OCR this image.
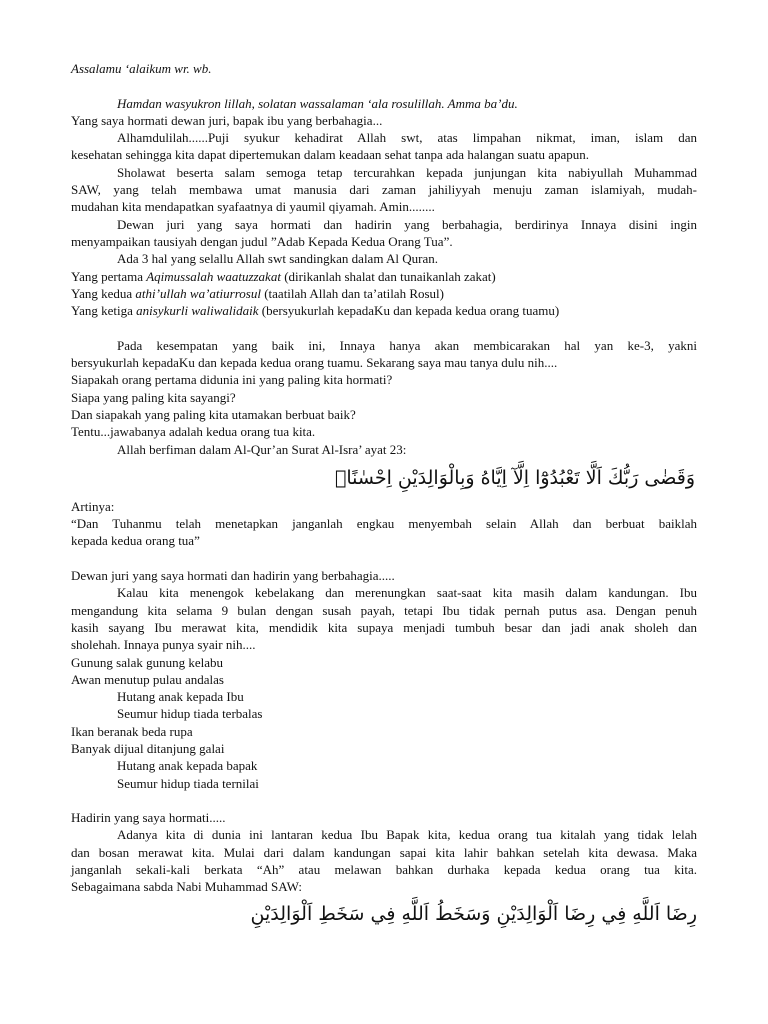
Assalamu ‘alaikum wr. wb.

Hamdan wasyukron lillah, solatan wassalaman ‘ala rosulillah. Amma ba’du.

Yang saya hormati dewan juri, bapak ibu yang berbahagia...

Alhamdulilah......Puji syukur kehadirat Allah swt, atas limpahan nikmat, iman, islam dan

kesehatan sehingga kita dapat dipertemukan dalam keadaan sehat tanpa ada halangan suatu apapun.

Sholawat beserta salam semoga tetap tercurahkan kepada junjungan kita nabiyullah Muhammad

SAW, yang telah membawa umat manusia dari zaman jahiliyyah menuju zaman islamiyah, mudah-

mudahan kita mendapatkan syafaatnya di yaumil qiyamah. Amin........

Dewan juri yang saya hormati dan hadirin yang berbahagia, berdirinya Innaya disini ingin

menyampaikan tausiyah dengan judul ”Adab Kepada Kedua Orang Tua”.

Ada 3 hal yang selallu Allah swt sandingkan dalam Al Quran.

Yang pertama Aqimussalah waatuzzakat (dirikanlah shalat dan tunaikanlah zakat)

Yang kedua athi’ullah wa’atiurrosul (taatilah Allah dan ta’atilah Rosul)

Yang ketiga anisykurli waliwalidaik (bersyukurlah kepadaKu dan kepada kedua orang tuamu)

Pada kesempatan yang baik ini, Innaya hanya akan membicarakan hal yan ke-3, yakni

bersyukurlah kepadaKu dan kepada kedua orang tuamu. Sekarang saya mau tanya dulu nih....

Siapakah orang pertama didunia ini yang paling kita hormati?

Siapa yang paling kita sayangi?

Dan siapakah yang paling kita utamakan berbuat baik?

Tentu...jawabanya adalah kedua orang tua kita.

Allah berfiman dalam Al-Qur’an Surat Al-Isra’ ayat 23:

وَقَضٰى رَبُّكَ اَلَّا تَعْبُدُوْٓا اِلَّآ اِيَّاهُ وَبِالْوَالِدَيْنِ اِحْسٰنًاۗ

Artinya:

“Dan Tuhanmu telah menetapkan janganlah engkau menyembah selain Allah dan berbuat baiklah

kepada kedua orang tua”

Dewan juri yang saya hormati dan hadirin yang berbahagia.....

Kalau kita menengok kebelakang dan merenungkan saat-saat kita masih dalam kandungan. Ibu

mengandung kita selama 9 bulan dengan susah payah, tetapi Ibu tidak pernah putus asa. Dengan penuh

kasih sayang Ibu merawat kita, mendidik kita supaya menjadi tumbuh besar dan jadi anak sholeh dan

sholehah. Innaya punya syair nih....

Gunung salak gunung kelabu

Awan menutup pulau andalas

Hutang anak kepada Ibu

Seumur hidup tiada terbalas

Ikan beranak beda rupa

Banyak dijual ditanjung galai

Hutang anak kepada bapak

Seumur hidup tiada ternilai

Hadirin yang saya hormati.....

Adanya kita di dunia ini lantaran kedua Ibu Bapak kita, kedua orang tua kitalah yang tidak lelah

dan bosan merawat kita. Mulai dari dalam kandungan sapai kita lahir bahkan setelah kita dewasa. Maka

janganlah sekali-kali berkata “Ah” atau melawan bahkan durhaka kepada kedua orang tua kita.

Sebagaimana sabda Nabi Muhammad SAW:

رِضَا اَللَّهِ فِي رِضَا اَلْوَالِدَيْنِ وَسَخَطُ اَللَّهِ فِي سَخَطِ اَلْوَالِدَيْنِ
